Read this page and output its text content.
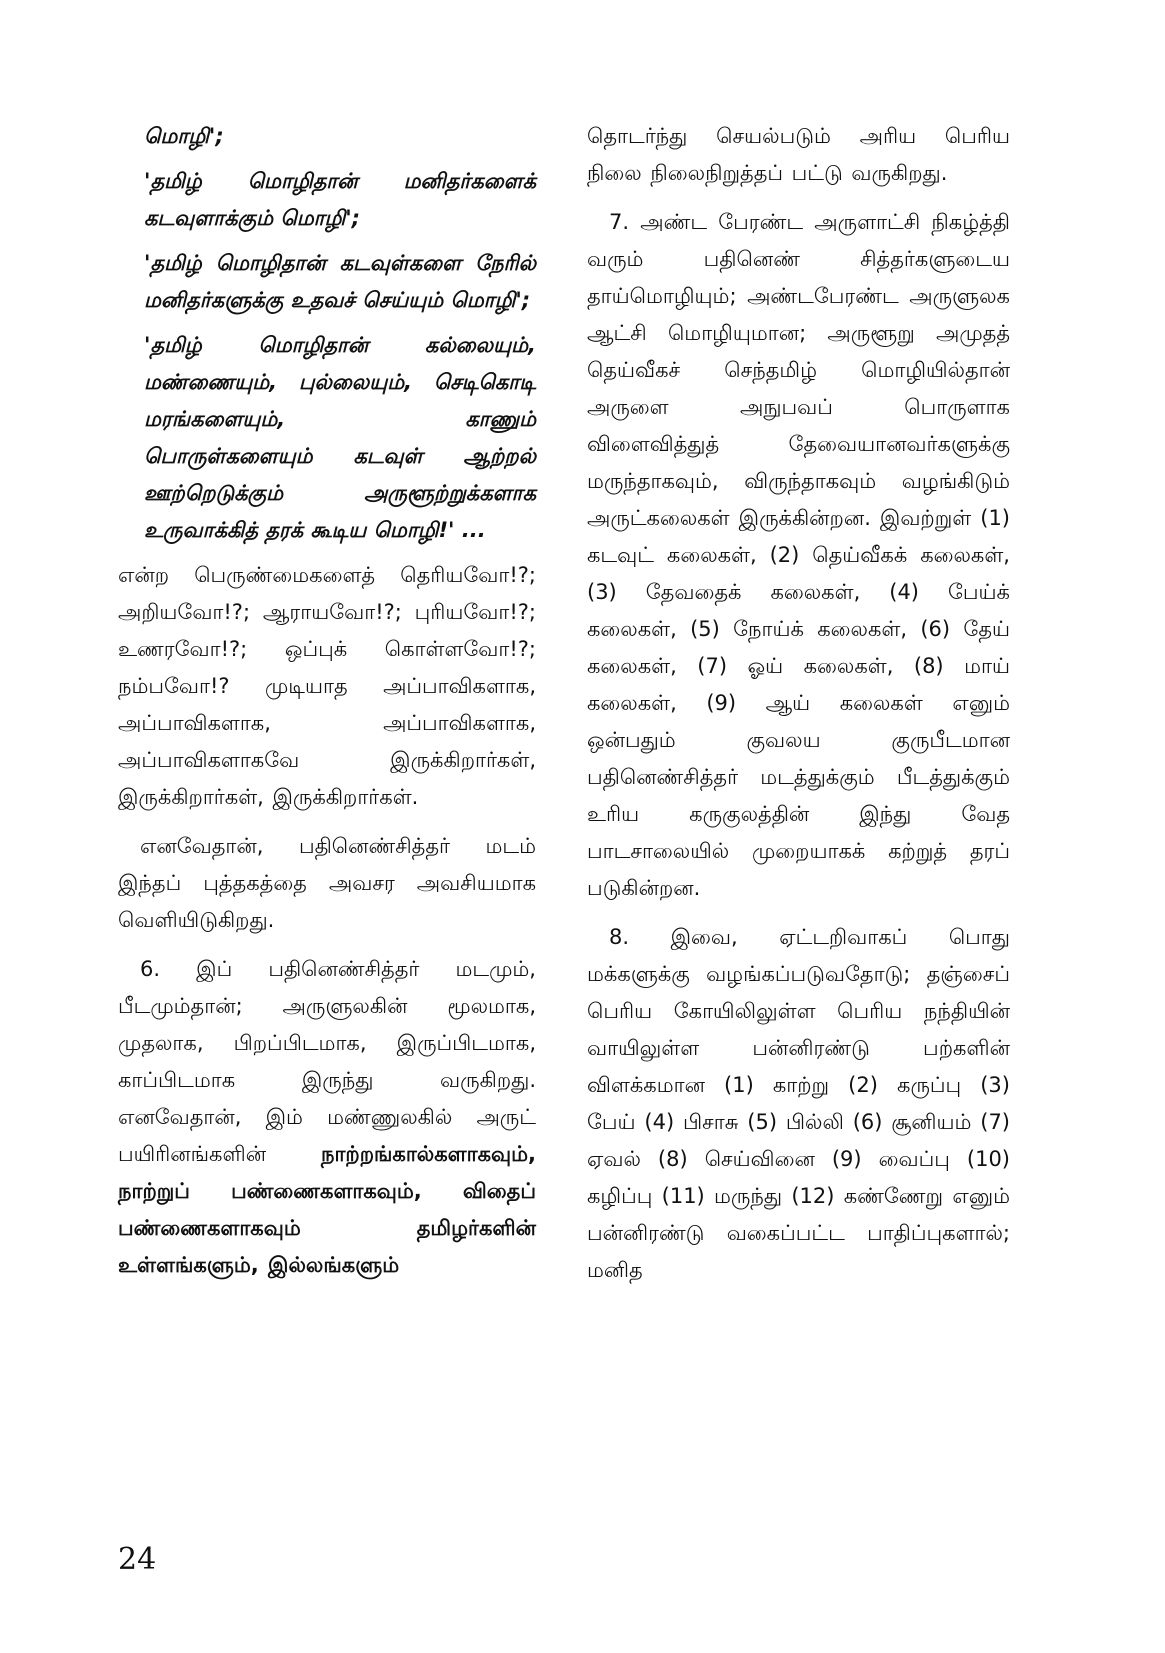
மொழி';

'தமிழ் மொழிதான் மனிதர்களைக் கடவுளாக்கும் மொழி';

'தமிழ் மொழிதான் கடவுள்களை நேரில் மனிதர்களுக்கு உதவச் செய்யும் மொழி';

'தமிழ் மொழிதான் கல்லையும், மண்ணையும், புல்லையும், செடிகொடி மரங்களையும், காணும் பொருள்களையும் கடவுள் ஆற்றல் ஊற்றெடுக்கும் அருளூற்றுக்களாக உருவாக்கித் தரக் கூடிய மொழி!' ...

என்ற பெருண்மைகளைத் தெரியவோ!?; அறியவோ!?; ஆராயவோ!?; புரியவோ!?; உணரவோ!?; ஒப்புக் கொள்ளவோ!?; நம்பவோ!? முடியாத அப்பாவிகளாக, அப்பாவிகளாக, அப்பாவிகளாக, அப்பாவிகளாகவே இருக்கிறார்கள், இருக்கிறார்கள், இருக்கிறார்கள்.

எனவேதான், பதினெண்சித்தர் மடம் இந்தப் புத்தகத்தை அவசர அவசியமாக வெளியிடுகிறது.

6. இப் பதினெண்சித்தர் மடமும், பீடமும்தான்; அருளுலகின் மூலமாக, முதலாக, பிறப்பிடமாக, இருப்பிடமாக, காப்பிடமாக இருந்து வருகிறது. எனவேதான், இம் மண்ணுலகில் அருட் பயிரினங்களின்	நாற்றங்கால்களாகவும், நாற்றுப் பண்ணைகளாகவும், விதைப் பண்ணைகளாகவும் தமிழர்களின் உள்ளங்களும், இல்லங்களும்

தொடர்ந்து செயல்படும் அரிய பெரிய நிலை நிலைநிறுத்தப் பட்டு வருகிறது.

7. அண்ட பேரண்ட அருளாட்சி நிகழ்த்தி வரும் பதினெண் சித்தர்களுடைய தாய்மொழியும்; அண்டபேரண்ட அருளுலக ஆட்சி மொழியுமான; அருளூறு அமுதத் தெய்வீகச் செந்தமிழ் மொழியில்தான் அருளை அநுபவப் பொருளாக விளைவித்துத் தேவையானவர்களுக்கு மருந்தாகவும், விருந்தாகவும் வழங்கிடும் அருட்கலைகள் இருக்கின்றன. இவற்றுள் (1) கடவுட் கலைகள், (2) தெய்வீகக் கலைகள், (3) தேவதைக் கலைகள், (4) பேய்க் கலைகள், (5) நோய்க் கலைகள், (6) தேய் கலைகள், (7) ஓய் கலைகள், (8) மாய் கலைகள், (9) ஆய் கலைகள் எனும் ஒன்பதும் குவலய குருபீடமான பதினெண்சித்தர் மடத்துக்கும் பீடத்துக்கும் உரிய கருகுலத்தின் இந்து வேத பாடசாலையில் முறையாகக் கற்றுத் தரப் படுகின்றன.

8. இவை, ஏட்டறிவாகப் பொது மக்களுக்கு வழங்கப்படுவதோடு; தஞ்சைப் பெரிய கோயிலிலுள்ள பெரிய நந்தியின் வாயிலுள்ள பன்னிரண்டு பற்களின் விளக்கமான (1) காற்று (2) கருப்பு (3) பேய் (4) பிசாசு (5) பில்லி (6) சூனியம் (7) ஏவல் (8) செய்வினை (9) வைப்பு (10) கழிப்பு (11) மருந்து (12) கண்ணேறு எனும் பன்னிரண்டு வகைப்பட்ட பாதிப்புகளால்; மனித

24
